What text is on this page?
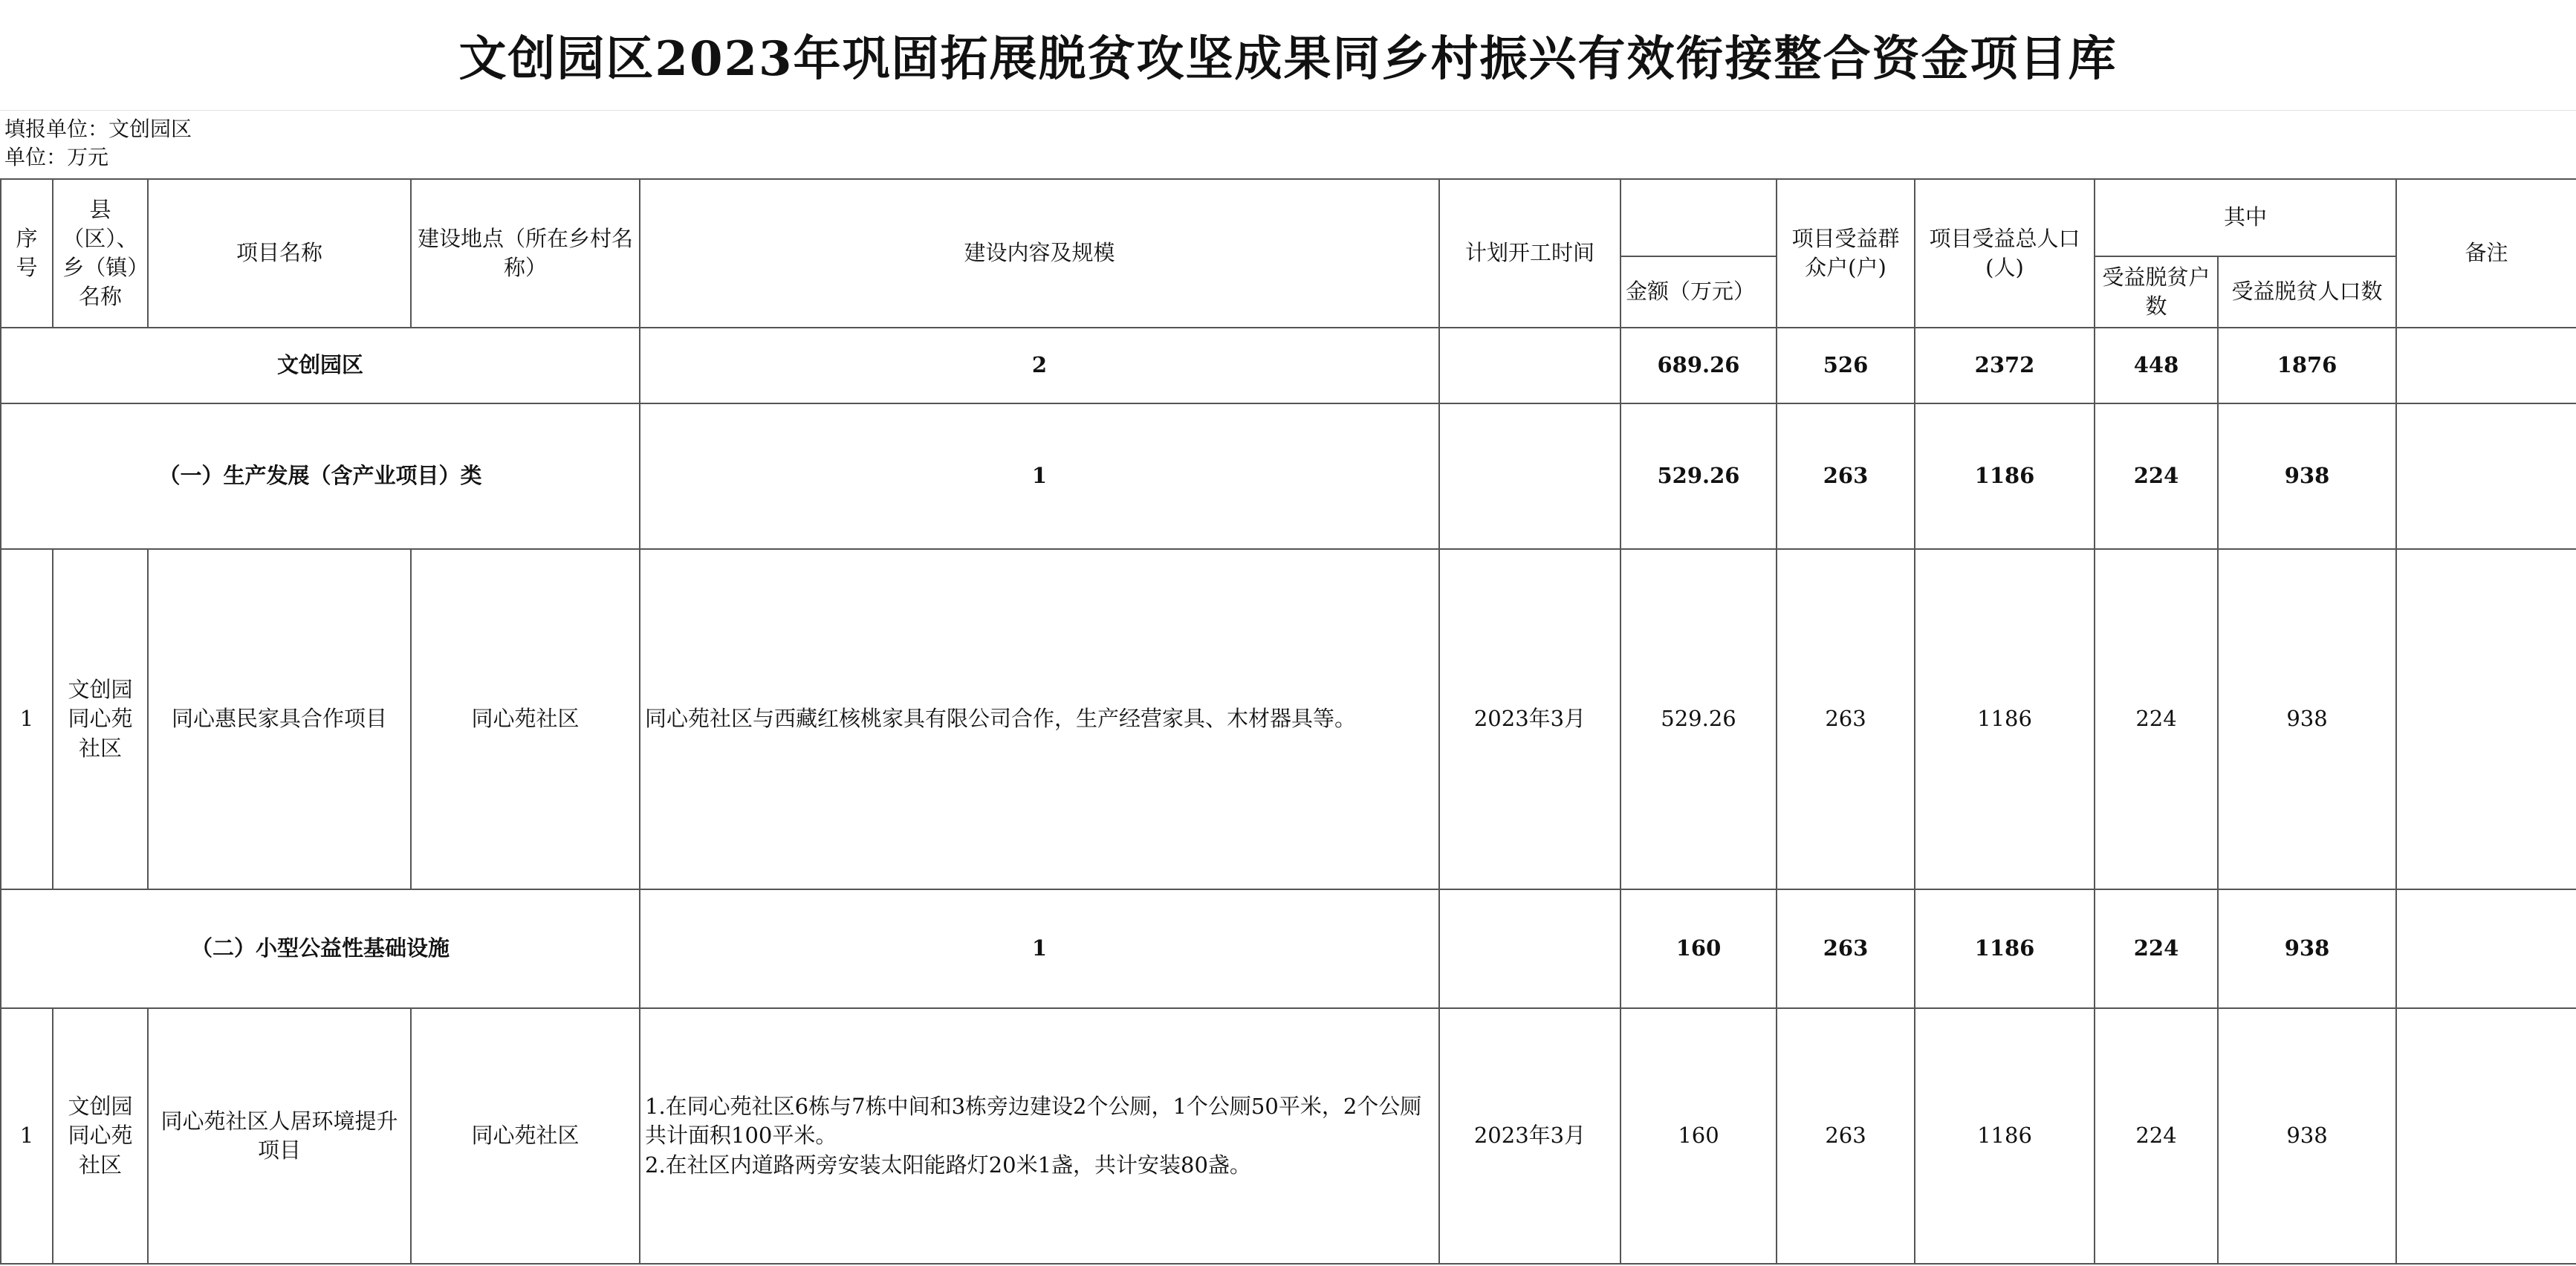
文创园区2023年巩固拓展脱贫攻坚成果同乡村振兴有效衔接整合资金项目库
填报单位：文创园区
单位：万元
序号	县（区）、乡（镇）名称	项目名称	建设地点（所在乡村名称）	建设内容及规模	计划开工时间		项目受益群众户(户)	项目受益总人口(人)	其中		备注
						金额（万元）			受益脱贫户数	受益脱贫人口数	
文创园区				2		689.26	526	2372	448	1876	
（一）生产发展（含产业项目）类				1		529.26	263	1186	224	938	
1	文创园同心苑社区	同心惠民家具合作项目	同心苑社区	同心苑社区与西藏红核桃家具有限公司合作，生产经营家具、木材器具等。	2023年3月	529.26	263	1186	224	938	
（二）小型公益性基础设施				1		160	263	1186	224	938	
1	文创园同心苑社区	同心苑社区人居环境提升项目	同心苑社区	1.在同心苑社区6栋与7栋中间和3栋旁边建设2个公厕，1个公厕50平米，2个公厕共计面积100平米。
2.在社区内道路两旁安装太阳能路灯20米1盏，共计安装80盏。	2023年3月	160	263	1186	224	938	
